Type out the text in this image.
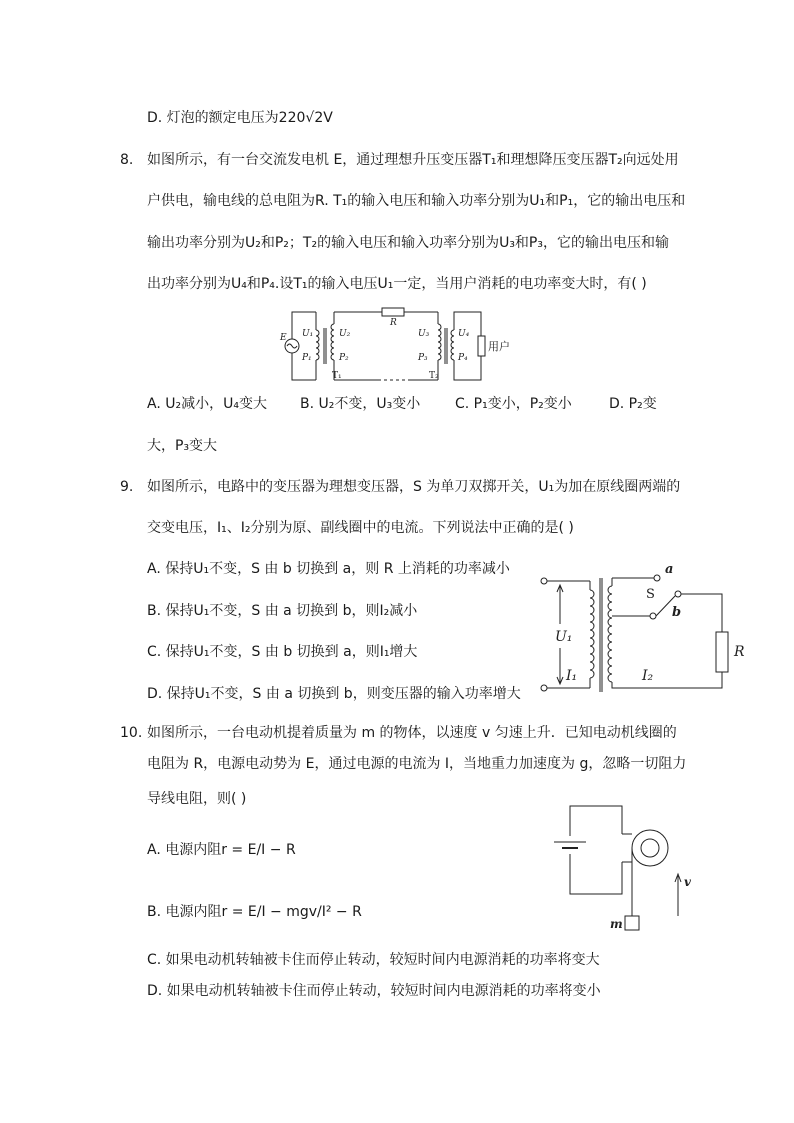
D. 灯泡的额定电压为220√2V
8. 如图所示，有一台交流发电机 E，通过理想升压变压器T₁和理想降压变压器T₂向远处用
户供电，输电线的总电阻为R. T₁的输入电压和输入功率分别为U₁和P₁，它的输出电压和
输出功率分别为U₂和P₂；T₂的输入电压和输入功率分别为U₃和P₃，它的输出电压和输
出功率分别为U₄和P₄.设T₁的输入电压U₁一定，当用户消耗的电功率变大时，有( )
E
R
U₁
P₁
U₂
P₂
U₃
P₃
U₄
P₄
T₁	T₂
用户
A. U₂减小，U₄变大 B. U₂不变，U₃变小 C. P₁变小，P₂变小	D. P₂变
大，P₃变大
9. 如图所示，电路中的变压器为理想变压器，S 为单刀双掷开关，U₁为加在原线圈两端的
交变电压，I₁、I₂分别为原、副线圈中的电流。下列说法中正确的是( )
A. 保持U₁不变，S 由 b 切换到 a，则 R 上消耗的功率减小
B. 保持U₁不变，S 由 a 切换到 b，则I₂减小
C. 保持U₁不变，S 由 b 切换到 a，则I₁增大
D. 保持U₁不变，S 由 a 切换到 b，则变压器的输入功率增大
a
S
b
U₁
I₁	I₂
R
10. 如图所示，一台电动机提着质量为 m 的物体，以速度 v 匀速上升．已知电动机线圈的
电阻为 R，电源电动势为 E，通过电源的电流为 I，当地重力加速度为 g，忽略一切阻力
导线电阻，则( )
A. 电源内阻r = E/I − R
B. 电源内阻r = E/I − mgv/I² − R
C. 如果电动机转轴被卡住而停止转动，较短时间内电源消耗的功率将变大
D. 如果电动机转轴被卡住而停止转动，较短时间内电源消耗的功率将变小
m
v
